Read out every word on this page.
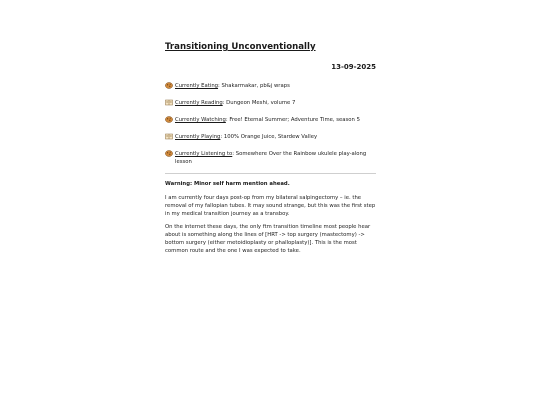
Transitioning Unconventionally
13-09-2025
Currently Eating: Shakarmakar, pb&j wraps
Currently Reading: Dungeon Meshi, volume 7
Currently Watching: Free! Eternal Summer; Adventure Time, season 5
Currently Playing: 100% Orange Juice, Stardew Valley
Currently Listening to: Somewhere Over the Rainbow ukulele play-along lesson

Warning: Minor self harm mention ahead.

I am currently four days post-op from my bilateral salpingectomy – ie. the removal of my fallopian tubes. It may sound strange, but this was the first step in my medical transition journey as a transboy.

On the internet these days, the only ftm transition timeline most people hear about is something along the lines of [HRT -> top surgery (mastectomy) -> bottom surgery (either metoidioplasty or phalloplasty)]. This is the most common route and the one I was expected to take.
